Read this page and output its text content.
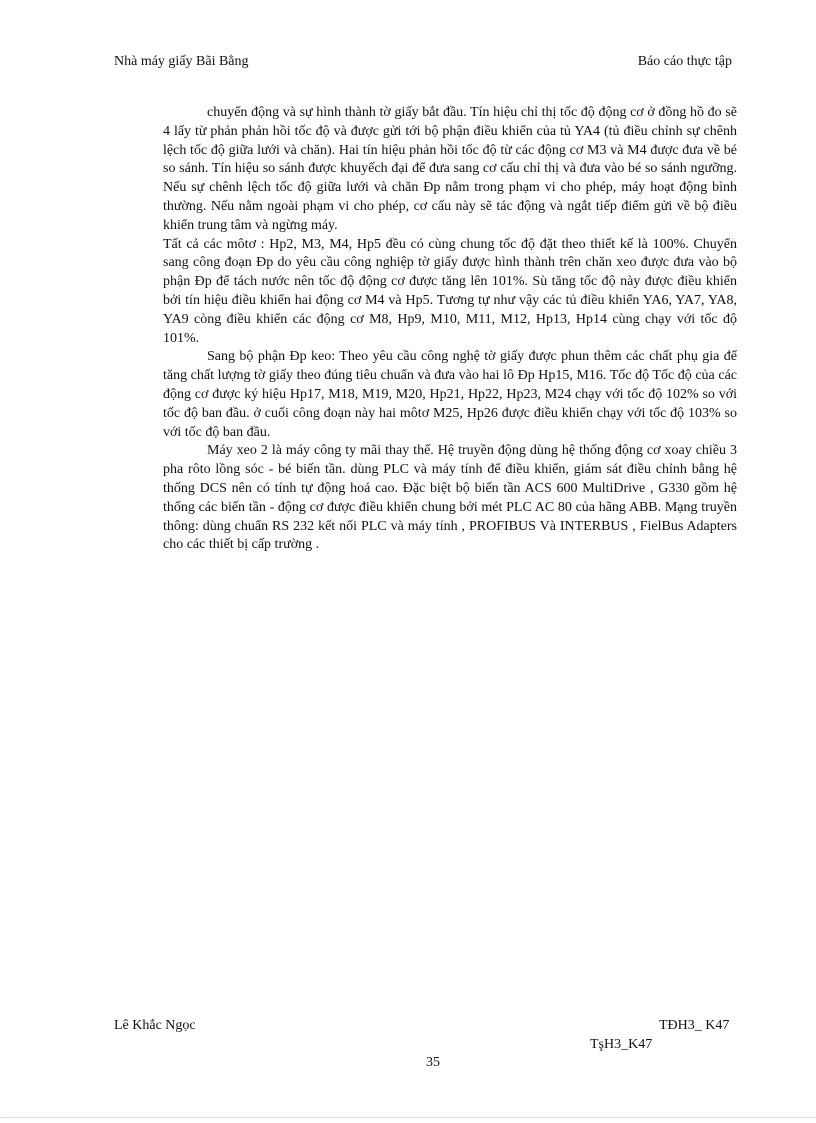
Nhà máy giấy Bãi Bằng	Báo cáo thực tập

chuyển động và sự hình thành tờ giấy bắt đầu. Tín hiệu chỉ thị tốc độ động cơ ở đồng hồ đo sẽ 4 lấy từ phản phản hồi tốc độ và được gửi tới bộ phận điều khiển của tủ YA4 (tủ điều chỉnh sự chênh lệch tốc độ giữa lưới và chăn). Hai tín hiệu phản hồi tốc độ từ các động cơ M3 và M4 được đưa về bé so sánh. Tín hiệu so sánh được khuyếch đại để đưa sang cơ cấu chỉ thị và đưa vào bé so sánh ngưỡng. Nếu sự chênh lệch tốc độ giữa lưới và chăn Đp nằm trong phạm vi cho phép, máy hoạt động bình thường. Nếu nằm ngoài phạm vi cho phép, cơ cấu này sẽ tác động và ngắt tiếp điểm gửi về bộ điều khiển trung tâm và ngừng máy.

Tất cả các môtơ : Hp2, M3, M4, Hp5 đều có cùng chung tốc độ đặt theo thiết kế là 100%. Chuyển sang công đoạn Đp do yêu cầu công nghiệp tờ giấy được hình thành trên chăn xeo được đưa vào bộ phận Đp để tách nước nên tốc độ động cơ được tăng lên 101%. Sù tăng tốc độ này được điều khiển bởi tín hiệu điều khiển hai động cơ M4 và Hp5. Tương tự như vậy các tủ điều khiển YA6, YA7, YA8, YA9 còng điều khiển các động cơ M8, Hp9, M10, M11, M12, Hp13, Hp14 cùng chạy với tốc độ 101%.

Sang bộ phận Đp keo: Theo yêu cầu công nghệ tờ giấy được phun thêm các chất phụ gia để tăng chất lượng tờ giấy theo đúng tiêu chuẩn và đưa vào hai lô Đp Hp15, M16. Tốc độ Tốc độ của các động cơ được ký hiệu Hp17, M18, M19, M20, Hp21, Hp22, Hp23, M24 chạy với tốc độ 102% so với tốc độ ban đầu. ở cuối công đoạn này hai môtơ M25, Hp26 được điều khiển chạy với tốc độ 103% so với tốc độ ban đầu.

Máy xeo 2 là máy công ty mãi thay thế. Hệ truyền động dùng hệ thống động cơ xoay chiều 3 pha rôto lồng sóc - bé biến tần. dùng PLC và máy tính để điều khiển, giám sát điều chỉnh bằng hệ thống DCS nên có tính tự động hoá cao. Đặc biệt bộ biến tần ACS 600 MultiDrive , G330 gồm hệ thống các biến tần - động cơ được điều khiển chung bởi mét PLC AC 80 của hãng ABB. Mạng truyền thông: dùng chuẩn RS 232 kết nối PLC và máy tính , PROFIBUS Và INTERBUS , FielBus Adapters cho các thiết bị cấp trường .

Lê Khắc Ngọc	TĐH3_ K47
TşH3_K47
35
